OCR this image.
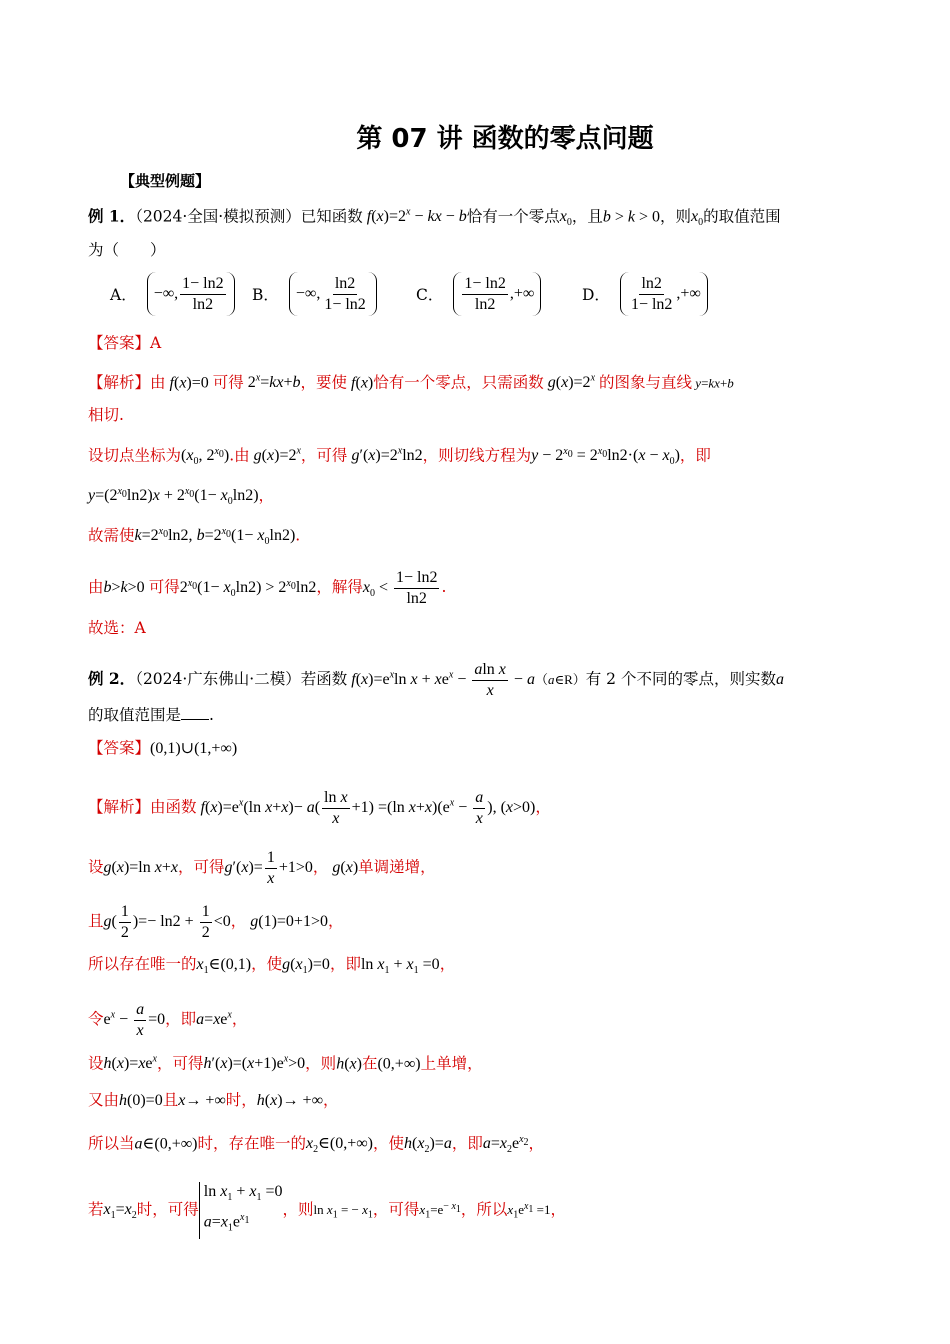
第 07 讲 函数的零点问题
【典型例题】
例 1．（2024·全国·模拟预测）已知函数 $f(x)=2^x$ − kx − b恰有一个零点$x_0$，且b > k > 0，则$x_0$的取值范围
为（　　）
A．	−∞, $\frac{1- \ln 2}{\ln 2}$ B．	−∞, $\frac{\ln 2}{1- \ln 2}$	C． $\frac{1- \ln 2}{\ln 2}$ ,+∞	D． $\frac{\ln 2}{1- \ln 2}$ ,+∞
【答案】A
【解析】由 f(x)=0 可得 $2^x=kx+b$，要使 f(x)恰有一个零点，只需函数 $g(x)=2^x$ 的图象与直线 y=kx+b
相切.
设切点坐标为($x_0$, $2^{x_0}$).由 $g(x)=2^x$，可得 $g'(x)=2^x\ln 2$，则切线方程为$y - 2^{x_0} = 2^{x_0}\ln 2\cdot(x - x_0)$，即
$y=(2^{x_0}\ln 2)x + 2^{x_0}(1- x_0\ln 2)$，
故需使$k=2^{x_0}\ln 2$, $b=2^{x_0}(1- x_0\ln 2)$.
由b>k>0 可得$2^{x_0}(1- x_0\ln 2) > 2^{x_0}\ln 2$，解得$x_0 < \frac{1- \ln 2}{\ln 2}$ .
故选：A
例 2．（2024·广东佛山·二模）若函数 $f(x)=e^x\ln$ $x + xe^x - \frac{\text{aln x}}{x}$ − a（a∈R）有 2 个不同的零点，则实数a
的取值范围是 .
【答案】(0,1)∪(1,+∞)
【解析】由函数 $f(x)=e^x(\ln$ $x+x)- a( \frac{\text{ln x}}{x} +1) =(\ln$ $x+x)(e^x - \frac{a}{x}$ ), (x>0)，
设g(x)=ln x+x，可得$g'(x)= \frac{1}{x} +1>0$， g(x)单调递增，
且$g( \frac{1}{2}$ )=− $\ln 2 + \frac{1}{2} <0$， g(1)=0+1>0，
所以存在唯一的$x_1\in(0,1)$，使$g(x_1)=0$，即$\ln x_1 + x_1 =0$，
令$e^x - \frac{a}{x} =0$，即$a=xe^x$，
设$h(x)=xe^x$，可得$h'(x)=(x+1)e^x>0$，则h(x)在(0,+∞)上单增，
又由h(0)=0且x→ +∞时，h(x)→ +∞，
所以当a∈(0,+∞)时，存在唯一的$x_2\in(0,+\infty)$，使$h(x_2)=a$，即$a=x_2e^{x_2}$，
若$x_1=x_2$时，可得$\ln x_1 + x_1 =0$
$a=x_1e^{x_1}$，则$\ln x_1$ = − $x_1$，可得$x_1=e^{- x_1}$，所以$x_1e^{x_1} =1$，
